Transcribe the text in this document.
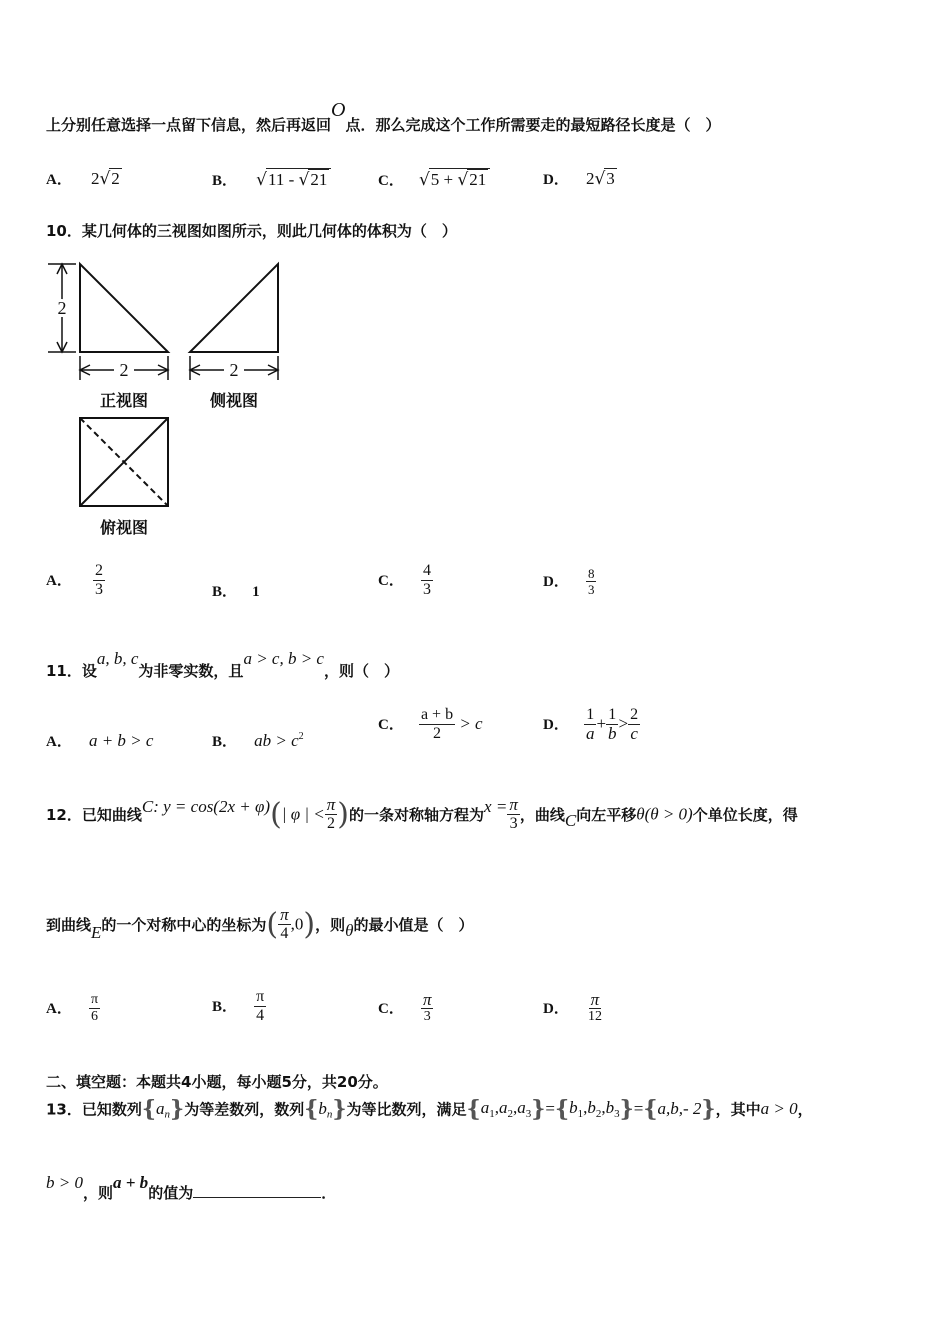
上分别任意选择一点留下信息，然后再返回O点．那么完成这个工作所需要走的最短路径长度是（　）
A． 2√2	B． √11 - √21	C． √5 + √21	D． 2√3
10．某几何体的三视图如图所示，则此几何体的体积为（　）
2
2	2
正视图	侧视图
俯视图
A． $\frac{2}{3}$	B． 1
C． $\frac{4}{3}$	D． $\frac{8}{3}$
11．设a, b, c为非零实数，且a > c, b > c，则（　）
A． a + b > c	B． ab > $c^2$
C． $\frac{a + b}{2} > c$	D． $\frac{1}{a} + \frac{1}{b} > \frac{2}{c}$
12．已知曲线C: y = cos(2x + φ)(| φ | < $\frac{\pi}{2}$ )的一条对称轴方程为$x = \frac{\pi}{3}$ ，曲线C向左平移θ(θ > 0)个单位长度，得
到曲线E的一个对称中心的坐标为( $\frac{\pi}{4} ,0$)，则θ的最小值是（　）
A． $\frac{\pi}{6}$	B． $\frac{\pi}{4}$	C． $\frac{\pi}{3}$	D． $\frac{\pi}{12}$
二、填空题：本题共4小题，每小题5分，共20分。
13．已知数列$\{a_n\}$为等差数列，数列$\{b_n\}$为等比数列，满足$\{a_1,a_2,a_3\}=\{b_1,b_2,b_3\}=\{a,b,-$ 2}，其中a > 0，
b > 0，则a + b的值为	．
